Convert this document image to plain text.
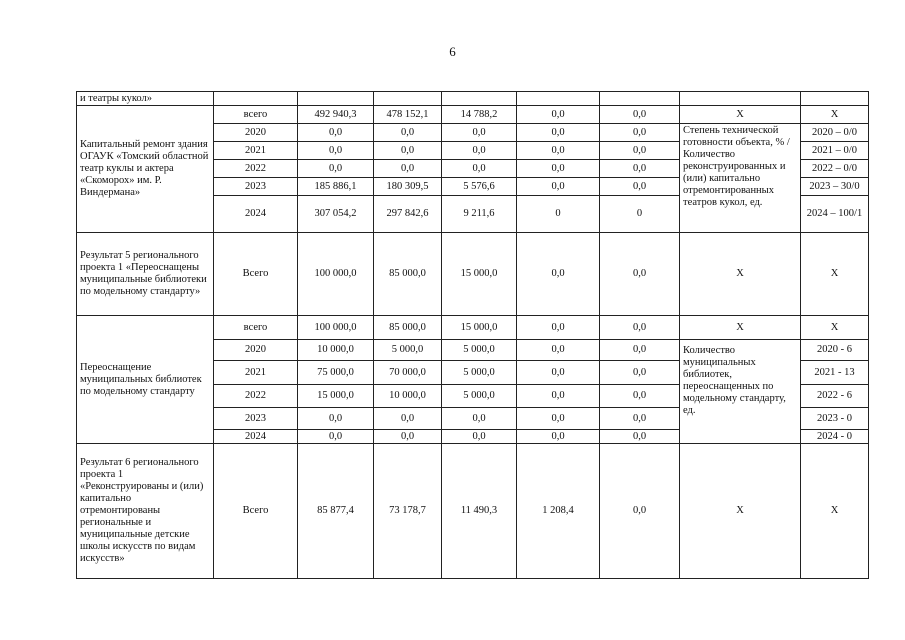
6
и театры кукол»								
Капитальный ремонт здания ОГАУК «Томский областной театр куклы и актера «Скоморох» им. Р. Виндермана»	всего	492 940,3	478 152,1	14 788,2	0,0	0,0	Х	Х
	2020	0,0	0,0	0,0	0,0	0,0	Степень технической готовности объекта, % / Количество реконструированных и (или) капитально отремонтированных театров кукол, ед.	2020 – 0/0
	2021	0,0	0,0	0,0	0,0	0,0		2021 – 0/0
	2022	0,0	0,0	0,0	0,0	0,0		2022 – 0/0
	2023	185 886,1	180 309,5	5 576,6	0,0	0,0		2023 – 30/0
	2024	307 054,2	297 842,6	9 211,6	0	0		2024 – 100/1
Результат 5 регионального проекта 1 «Переоснащены муниципальные библиотеки по модельному стандарту»	Всего	100 000,0	85 000,0	15 000,0	0,0	0,0	Х	Х
Переоснащение муниципальных библиотек по модельному стандарту	всего	100 000,0	85 000,0	15 000,0	0,0	0,0	Х	Х
	2020	10 000,0	5 000,0	5 000,0	0,0	0,0	Количество муниципальных библиотек, переоснащенных по модельному стандарту, ед.	2020 - 6
	2021	75 000,0	70 000,0	5 000,0	0,0	0,0		2021 - 13
	2022	15 000,0	10 000,0	5 000,0	0,0	0,0		2022 - 6
	2023	0,0	0,0	0,0	0,0	0,0		2023 - 0
	2024	0,0	0,0	0,0	0,0	0,0		2024 - 0
Результат 6 регионального проекта 1 «Реконструированы и (или) капитально отремонтированы региональные и муниципальные детские школы искусств по видам искусств»	Всего	85 877,4	73 178,7	11 490,3	1 208,4	0,0	Х	Х
